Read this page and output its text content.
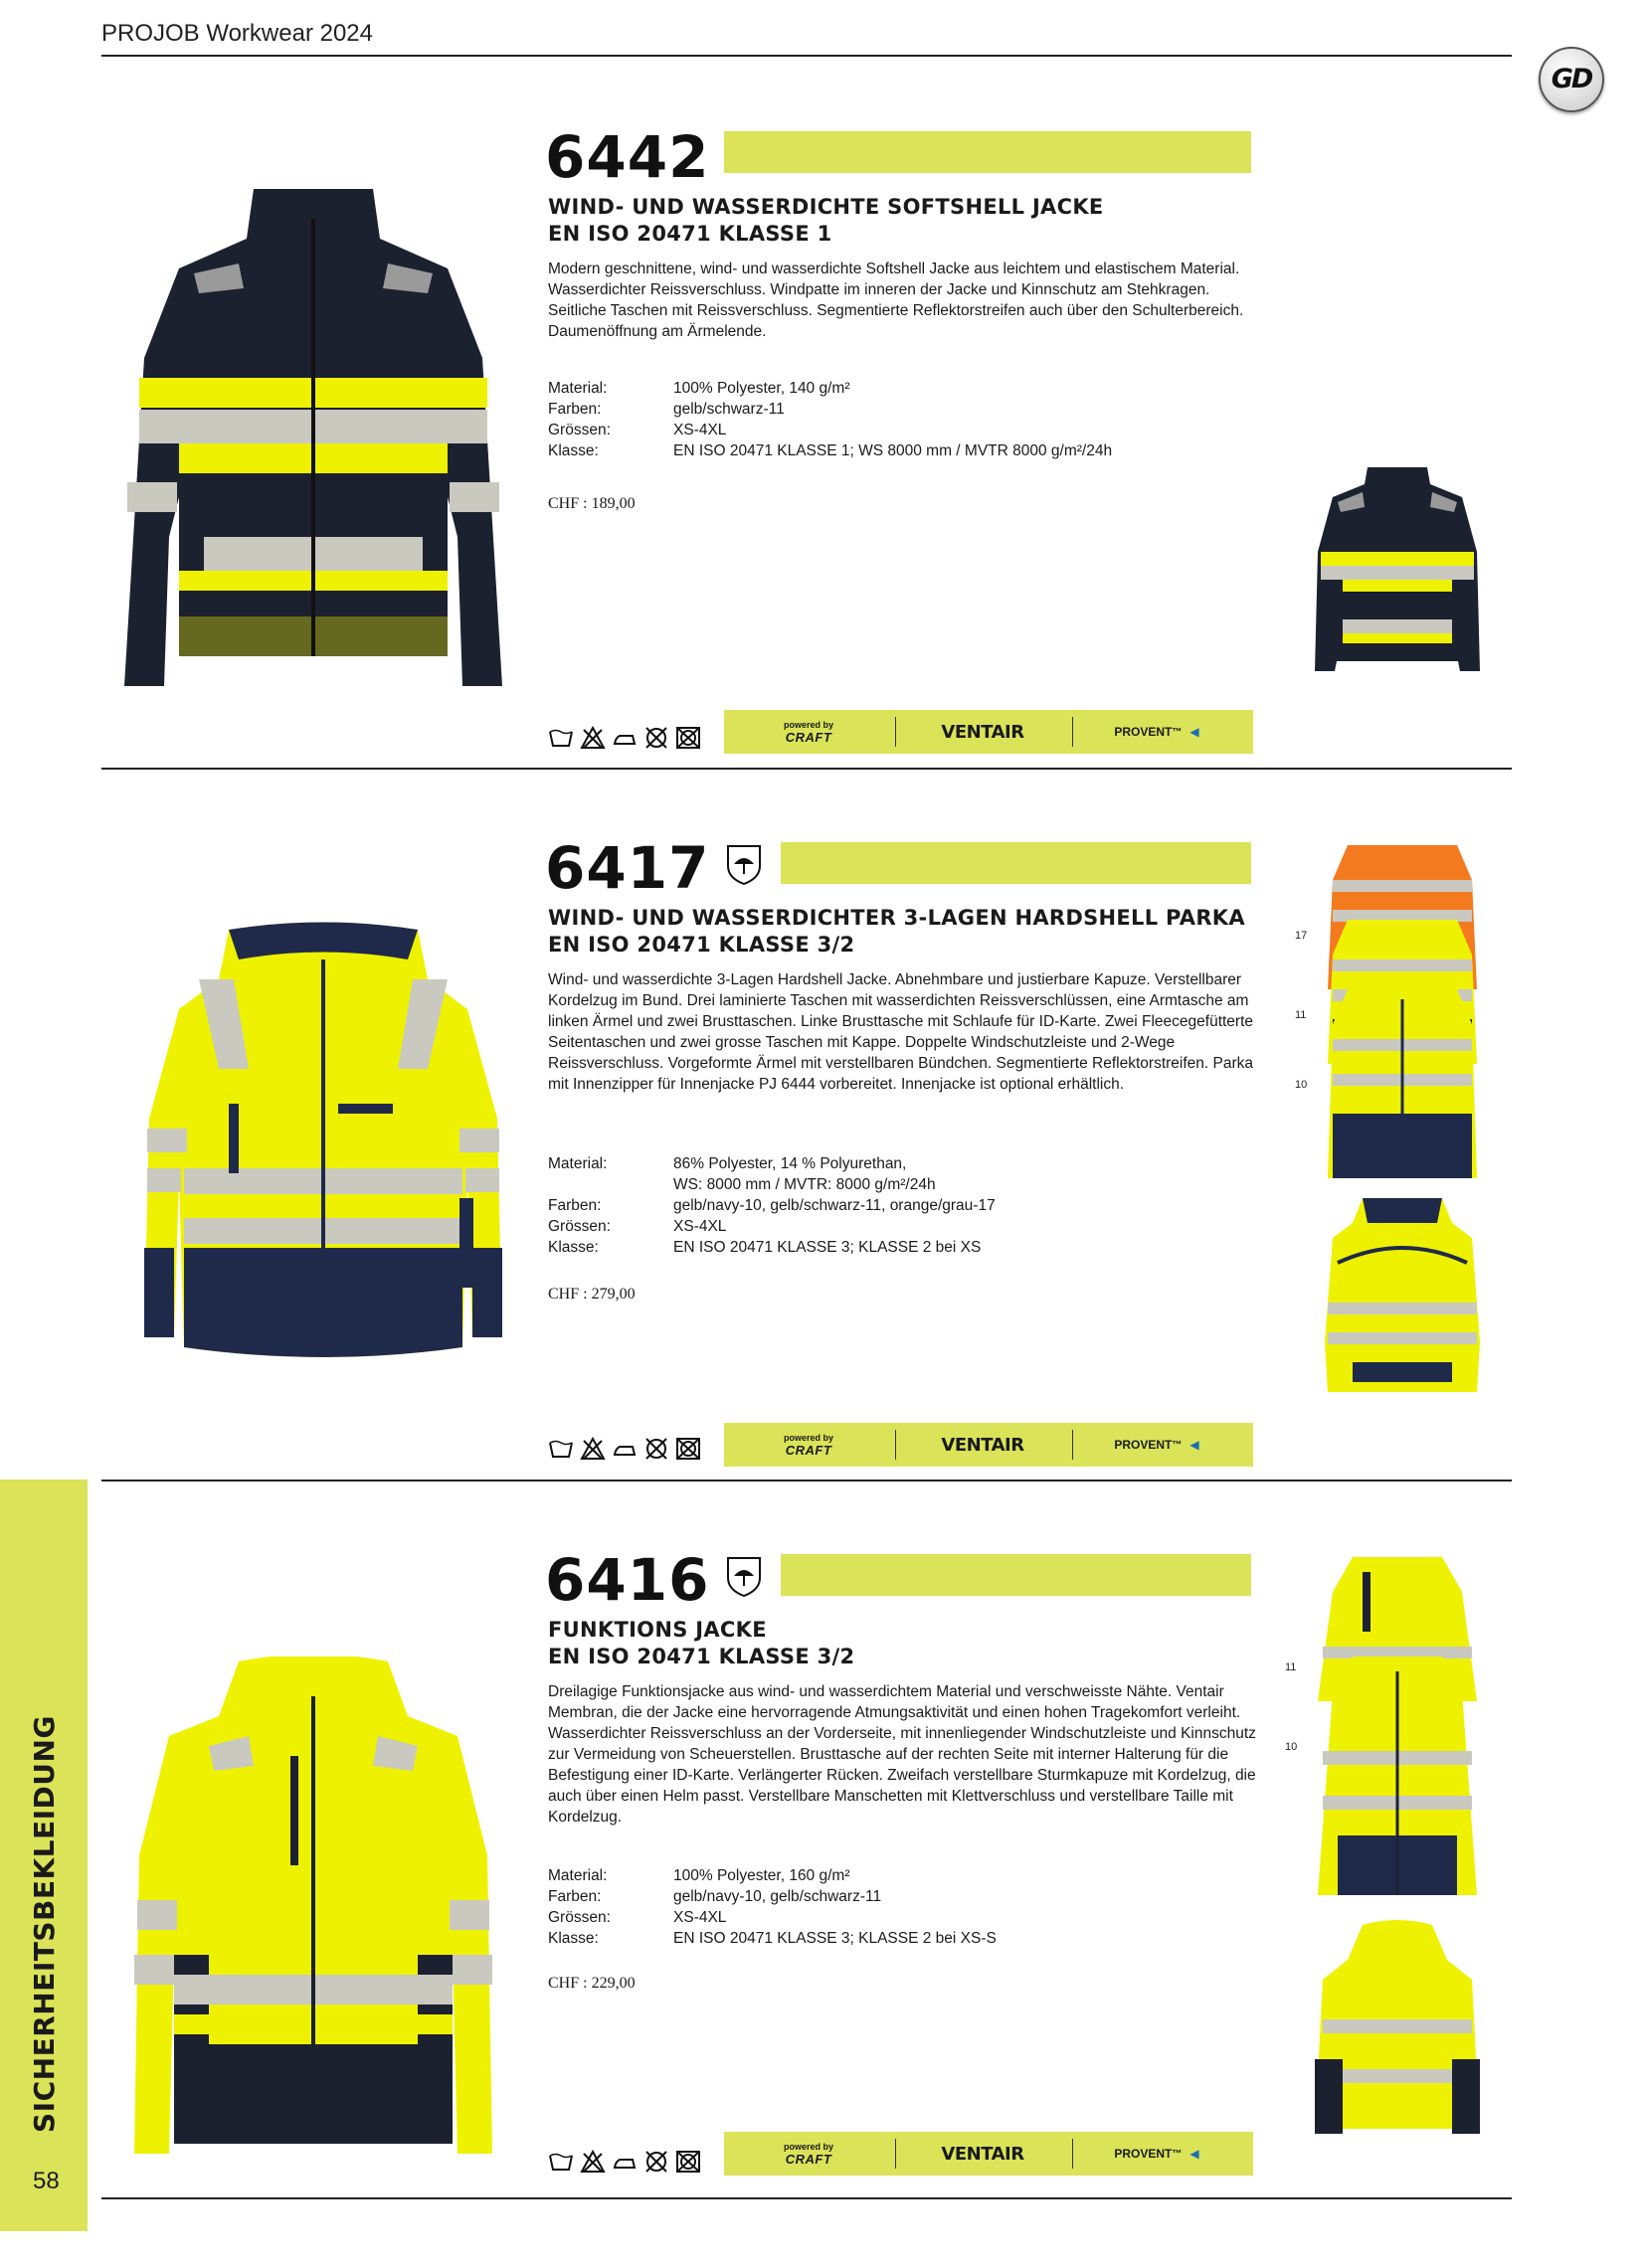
PROJOB Workwear 2024
GD
6442
WIND- UND WASSERDICHTE SOFTSHELL JACKE
EN ISO 20471 KLASSE 1
Modern geschnittene, wind- und wasserdichte Softshell Jacke aus leichtem und elastischem Material. Wasserdichter Reissverschluss. Windpatte im inneren der Jacke und Kinnschutz am Stehkragen. Seitliche Taschen mit Reissverschluss. Segmentierte Reflektorstreifen auch über den Schulterbereich. Daumenöffnung am Ärmelende.
Material:	100% Polyester, 140 g/m²
Farben:	gelb/schwarz-11
Grössen:	XS-4XL
Klasse:	EN ISO 20471 KLASSE 1; WS 8000 mm / MVTR 8000 g/m²/24h
CHF : 189,00
powered by
CRAFT	VENTAIR	PROVENT ™ ◀
6417
WIND- UND WASSERDICHTER 3-LAGEN HARDSHELL PARKA
EN ISO 20471 KLASSE 3/2
Wind- und wasserdichte 3-Lagen Hardshell Jacke. Abnehmbare und justierbare Kapuze. Verstellbarer Kordelzug im Bund. Drei laminierte Taschen mit wasserdichten Reissverschlüssen, eine Armtasche am linken Ärmel und zwei Brusttaschen. Linke Brusttasche mit Schlaufe für ID-Karte. Zwei Fleecegefütterte Seitentaschen und zwei grosse Taschen mit Kappe. Doppelte Windschutzleiste und 2-Wege Reissverschluss. Vorgeformte Ärmel mit verstellbaren Bündchen. Segmentierte Reflektorstreifen. Parka mit Innenzipper für Innenjacke PJ 6444 vorbereitet. Innenjacke ist optional erhältlich.
Material:	86% Polyester, 14 % Polyurethan,
WS: 8000 mm / MVTR: 8000 g/m²/24h
Farben:	gelb/navy-10, gelb/schwarz-11, orange/grau-17
Grössen:	XS-4XL
Klasse:	EN ISO 20471 KLASSE 3; KLASSE 2 bei XS
CHF : 279,00
17
11
10
powered by
CRAFT	VENTAIR	PROVENT ™ ◀
6416
FUNKTIONS JACKE
EN ISO 20471 KLASSE 3/2
Dreilagige Funktionsjacke aus wind- und wasserdichtem Material und verschweisste Nähte. Ventair Membran, die der Jacke eine hervorragende Atmungsaktivität und einen hohen Tragekomfort verleiht. Wasserdichter Reissverschluss an der Vorderseite, mit innenliegender Windschutzleiste und Kinnschutz zur Vermeidung von Scheuerstellen. Brusttasche auf der rechten Seite mit interner Halterung für die Befestigung einer ID-Karte. Verlängerter Rücken. Zweifach verstellbare Sturmkapuze mit Kordelzug, die auch über einen Helm passt. Verstellbare Manschetten mit Klettverschluss und verstellbare Taille mit Kordelzug.
Material:	100% Polyester, 160 g/m²
Farben:	gelb/navy-10, gelb/schwarz-11
Grössen:	XS-4XL
Klasse:	EN ISO 20471 KLASSE 3; KLASSE 2 bei XS-S
CHF : 229,00
11
10
powered by
CRAFT	VENTAIR	PROVENT ™ ◀
SICHERHEITSBEKLEIDUNG
58
